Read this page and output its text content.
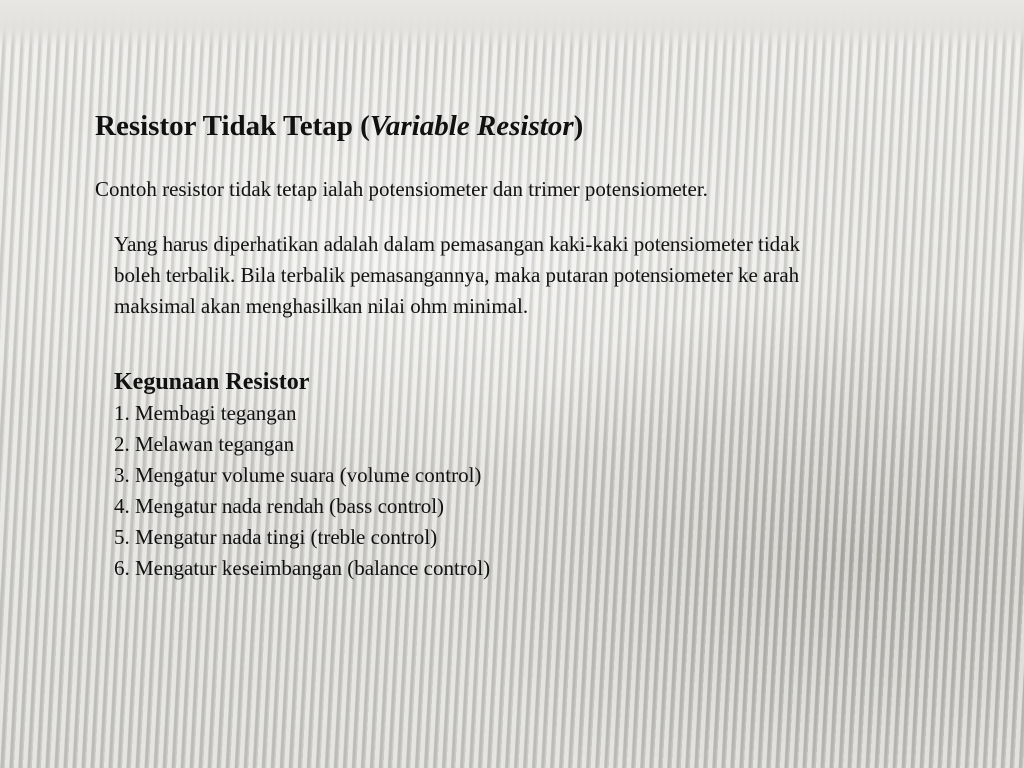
Resistor Tidak Tetap (Variable Resistor)

Contoh resistor tidak tetap ialah potensiometer dan trimer potensiometer.

Yang harus diperhatikan adalah dalam pemasangan kaki-kaki potensiometer tidak
boleh terbalik. Bila terbalik pemasangannya, maka putaran potensiometer ke arah
maksimal akan menghasilkan nilai ohm minimal.

Kegunaan Resistor
1. Membagi tegangan
2. Melawan tegangan
3. Mengatur volume suara (volume control)
4. Mengatur nada rendah (bass control)
5. Mengatur nada tingi (treble control)
6. Mengatur keseimbangan (balance control)
